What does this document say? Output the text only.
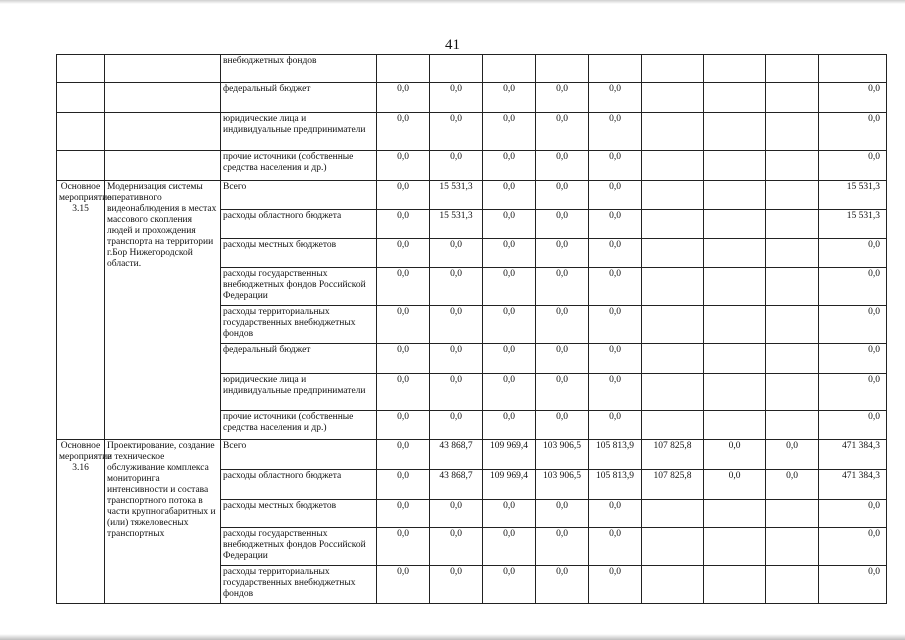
41
		внебюджетных фондов									
		федеральный бюджет	0,0	0,0	0,0	0,0	0,0				0,0
		юридические лица и индивидуальные предприниматели	0,0	0,0	0,0	0,0	0,0				0,0
		прочие источники (собственные средства населения и др.)	0,0	0,0	0,0	0,0	0,0				0,0
Основное мероприятие 3.15	Модернизация системы оперативного видеонаблюдения в местах массового скопления людей и прохождения транспорта на территории г.Бор Нижегородской области.	Всего	0,0	15 531,3	0,0	0,0	0,0				15 531,3
		расходы областного бюджета	0,0	15 531,3	0,0	0,0	0,0				15 531,3
		расходы местных бюджетов	0,0	0,0	0,0	0,0	0,0				0,0
		расходы государственных внебюджетных фондов Российской Федерации	0,0	0,0	0,0	0,0	0,0				0,0
		расходы территориальных государственных внебюджетных фондов	0,0	0,0	0,0	0,0	0,0				0,0
		федеральный бюджет	0,0	0,0	0,0	0,0	0,0				0,0
		юридические лица и индивидуальные предприниматели	0,0	0,0	0,0	0,0	0,0				0,0
		прочие источники (собственные средства населения и др.)	0,0	0,0	0,0	0,0	0,0				0,0
Основное мероприятие 3.16	Проектирование, создание и техническое обслуживание комплекса мониторинга интенсивности и состава транспортного потока в части крупногабаритных и (или) тяжеловесных транспортных	Всего	0,0	43 868,7	109 969,4	103 906,5	105 813,9	107 825,8	0,0	0,0	471 384,3
		расходы областного бюджета	0,0	43 868,7	109 969,4	103 906,5	105 813,9	107 825,8	0,0	0,0	471 384,3
		расходы местных бюджетов	0,0	0,0	0,0	0,0	0,0				0,0
		расходы государственных внебюджетных фондов Российской Федерации	0,0	0,0	0,0	0,0	0,0				0,0
		расходы территориальных государственных внебюджетных фондов	0,0	0,0	0,0	0,0	0,0				0,0
